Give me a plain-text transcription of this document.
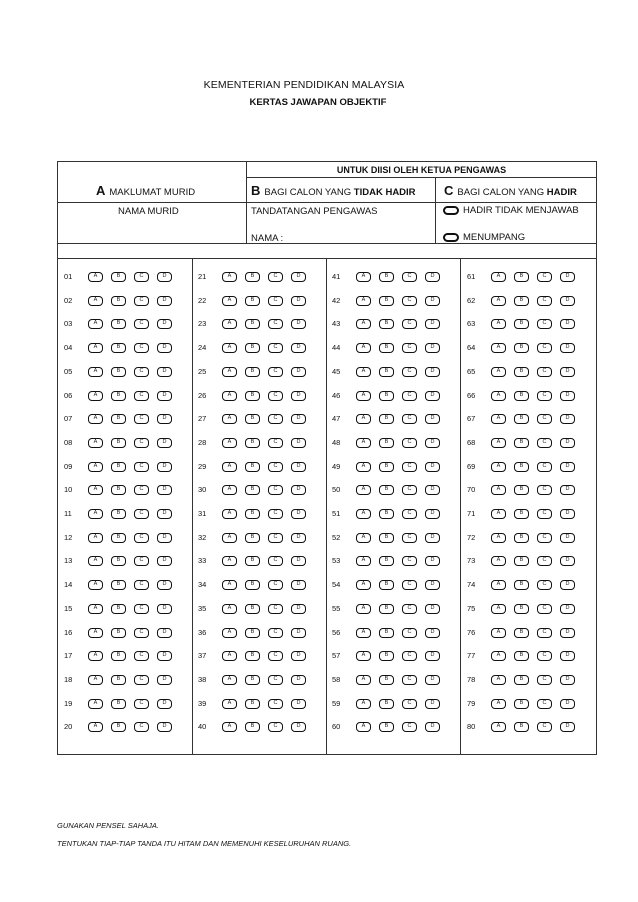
KEMENTERIAN PENDIDIKAN MALAYSIA
KERTAS JAWAPAN OBJEKTIF
UNTUK DIISI OLEH KETUA PENGAWAS
A MAKLUMAT MURID
NAMA MURID
B BAGI CALON YANG TIDAK HADIR
TANDATANGAN PENGAWAS
NAMA :
C BAGI CALON YANG HADIR
HADIR TIDAK MENJAWAB
MENUMPANG
01	A	B	C	D
02	A	B	C	D
03	A	B	C	D
04	A	B	C	D
05	A	B	C	D
06	A	B	C	D
07	A	B	C	D
08	A	B	C	D
09	A	B	C	D
10	A	B	C	D
11	A	B	C	D
12	A	B	C	D
13	A	B	C	D
14	A	B	C	D
15	A	B	C	D
16	A	B	C	D
17	A	B	C	D
18	A	B	C	D
19	A	B	C	D
20	A	B	C	D
21	A	B	C	D
22	A	B	C	D
23	A	B	C	D
24	A	B	C	D
25	A	B	C	D
26	A	B	C	D
27	A	B	C	D
28	A	B	C	D
29	A	B	C	D
30	A	B	C	D
31	A	B	C	D
32	A	B	C	D
33	A	B	C	D
34	A	B	C	D
35	A	B	C	D
36	A	B	C	D
37	A	B	C	D
38	A	B	C	D
39	A	B	C	D
40	A	B	C	D
41	A	B	C	D
42	A	B	C	D
43	A	B	C	D
44	A	B	C	D
45	A	B	C	D
46	A	B	C	D
47	A	B	C	D
48	A	B	C	D
49	A	B	C	D
50	A	B	C	D
51	A	B	C	D
52	A	B	C	D
53	A	B	C	D
54	A	B	C	D
55	A	B	C	D
56	A	B	C	D
57	A	B	C	D
58	A	B	C	D
59	A	B	C	D
60	A	B	C	D
61	A	B	C	D
62	A	B	C	D
63	A	B	C	D
64	A	B	C	D
65	A	B	C	D
66	A	B	C	D
67	A	B	C	D
68	A	B	C	D
69	A	B	C	D
70	A	B	C	D
71	A	B	C	D
72	A	B	C	D
73	A	B	C	D
74	A	B	C	D
75	A	B	C	D
76	A	B	C	D
77	A	B	C	D
78	A	B	C	D
79	A	B	C	D
80	A	B	C	D
GUNAKAN PENSEL SAHAJA.
TENTUKAN TIAP-TIAP TANDA ITU HITAM DAN MEMENUHI KESELURUHAN RUANG.
